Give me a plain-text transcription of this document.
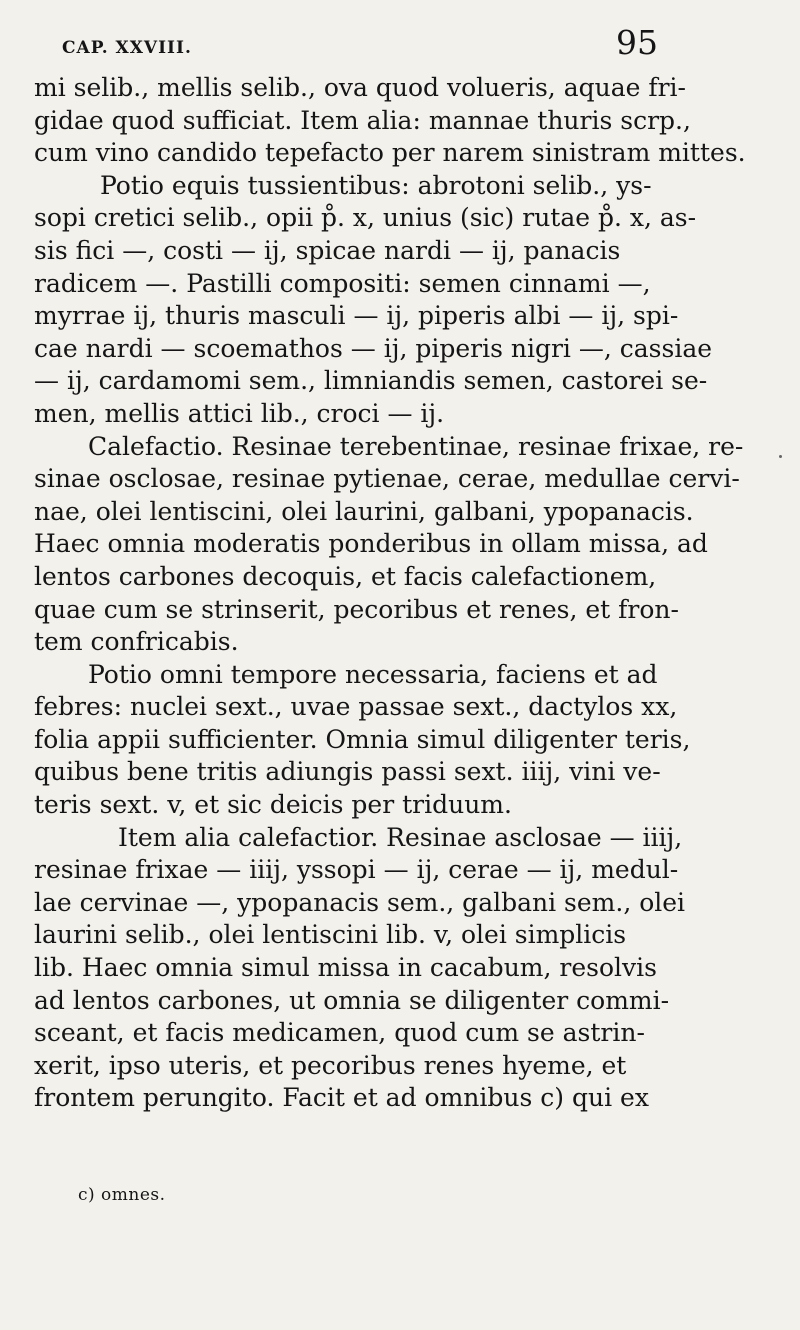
CAP. XXVIII.	95
mi selib., mellis selib., ova quod volueris, aquae fri-
gidae quod sufficiat. Item alia: mannae thuris scrp.,
cum vino candido tepefacto per narem sinistram mittes.
Potio equis tussientibus: abrotoni selib., ys-
sopi cretici selib., opii p̊. x, unius (sic) rutae p̊. x, as-
sis fici —, costi — ij, spicae nardi — ij, panacis
radicem —. Pastilli compositi: semen cinnami —,
myrrae ij, thuris masculi — ij, piperis albi — ij, spi-
cae nardi — scoemathos — ij, piperis nigri —, cassiae
— ij, cardamomi sem., limniandis semen, castorei se-
men, mellis attici lib., croci — ij.
Calefactio. Resinae terebentinae, resinae frixae, re-
sinae osclosae, resinae pytienae, cerae, medullae cervi-
nae, olei lentiscini, olei laurini, galbani, ypopanacis.
Haec omnia moderatis ponderibus in ollam missa, ad
lentos carbones decoquis, et facis calefactionem,
quae cum se strinserit, pecoribus et renes, et fron-
tem confricabis.
Potio omni tempore necessaria, faciens et ad
febres: nuclei sext., uvae passae sext., dactylos xx,
folia appii sufficienter. Omnia simul diligenter teris,
quibus bene tritis adiungis passi sext. iiij, vini ve-
teris sext. v, et sic deicis per triduum.
Item alia calefactior. Resinae asclosae — iiij,
resinae frixae — iiij, yssopi — ij, cerae — ij, medul-
lae cervinae —, ypopanacis sem., galbani sem., olei
laurini selib., olei lentiscini lib. v, olei simplicis
lib. Haec omnia simul missa in cacabum, resolvis
ad lentos carbones, ut omnia se diligenter commi-
sceant, et facis medicamen, quod cum se astrin-
xerit, ipso uteris, et pecoribus renes hyeme, et
frontem perungito. Facit et ad omnibus c) qui ex
c) omnes.
